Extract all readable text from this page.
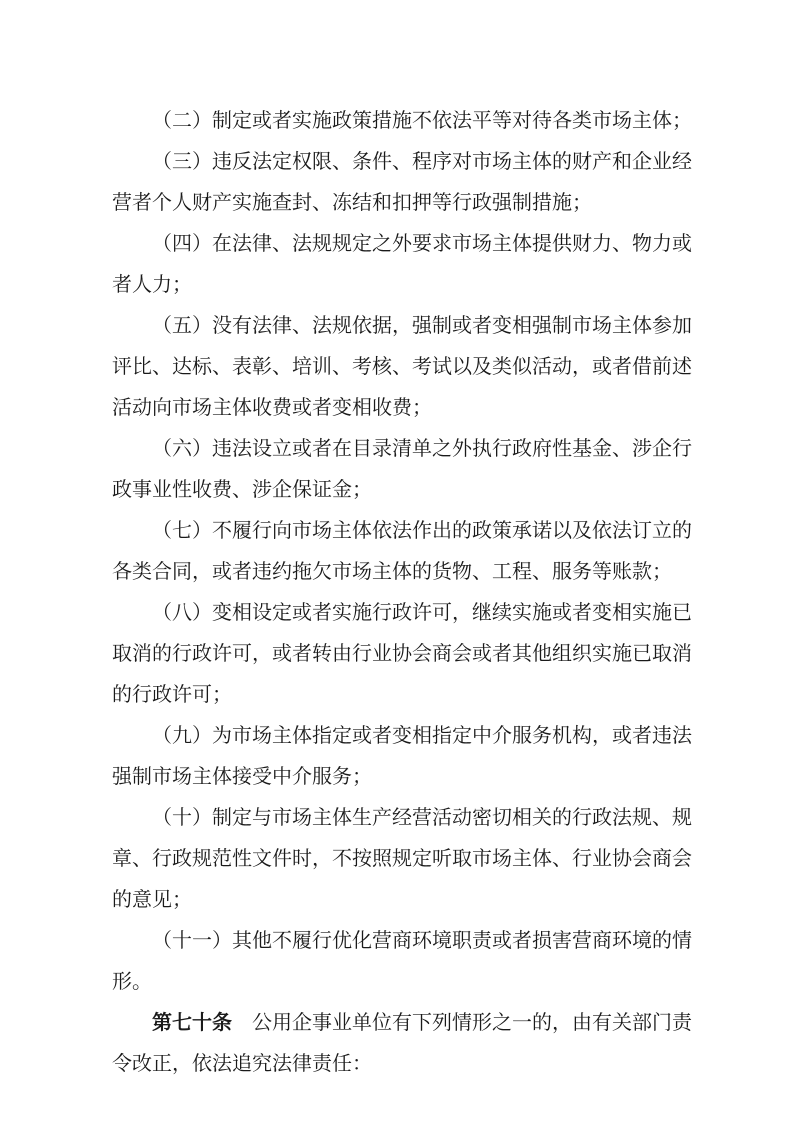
（二）制定或者实施政策措施不依法平等对待各类市场主体；

（三）违反法定权限、条件、程序对市场主体的财产和企业经营者个人财产实施查封、冻结和扣押等行政强制措施；

（四）在法律、法规规定之外要求市场主体提供财力、物力或者人力；

（五）没有法律、法规依据，强制或者变相强制市场主体参加评比、达标、表彰、培训、考核、考试以及类似活动，或者借前述活动向市场主体收费或者变相收费；

（六）违法设立或者在目录清单之外执行政府性基金、涉企行政事业性收费、涉企保证金；

（七）不履行向市场主体依法作出的政策承诺以及依法订立的各类合同，或者违约拖欠市场主体的货物、工程、服务等账款；

（八）变相设定或者实施行政许可，继续实施或者变相实施已取消的行政许可，或者转由行业协会商会或者其他组织实施已取消的行政许可；

（九）为市场主体指定或者变相指定中介服务机构，或者违法强制市场主体接受中介服务；

（十）制定与市场主体生产经营活动密切相关的行政法规、规章、行政规范性文件时，不按照规定听取市场主体、行业协会商会的意见；

（十一）其他不履行优化营商环境职责或者损害营商环境的情形。

第七十条 公用企事业单位有下列情形之一的，由有关部门责令改正，依法追究法律责任：
